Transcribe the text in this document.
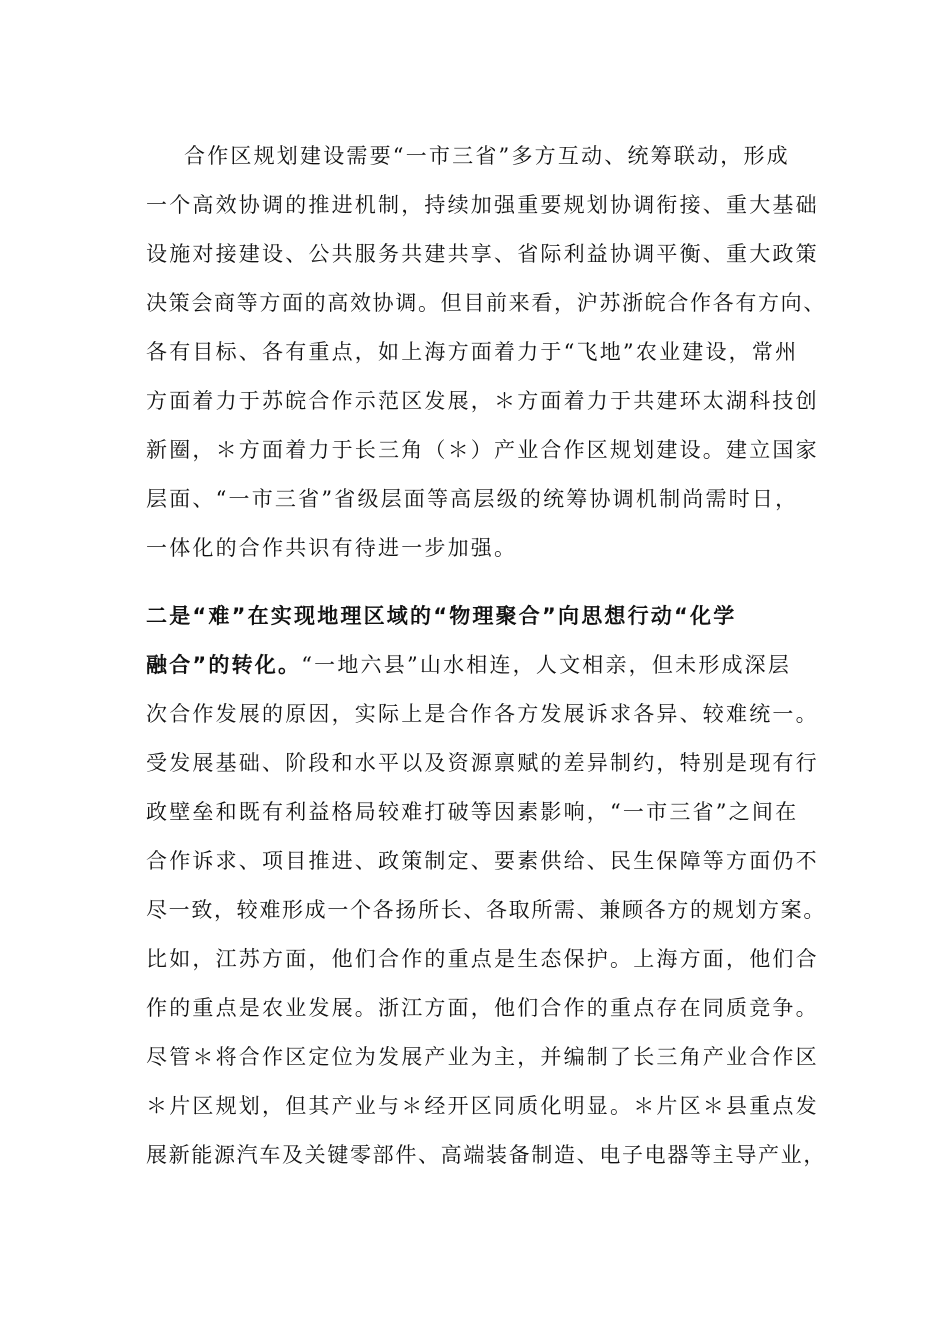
合作区规划建设需要“一市三省”多方互动、统筹联动，形成
一个高效协调的推进机制，持续加强重要规划协调衔接、重大基础
设施对接建设、公共服务共建共享、省际利益协调平衡、重大政策
决策会商等方面的高效协调。但目前来看，沪苏浙皖合作各有方向、
各有目标、各有重点，如上海方面着力于“飞地”农业建设，常州
方面着力于苏皖合作示范区发展，＊方面着力于共建环太湖科技创
新圈，＊方面着力于长三角（＊）产业合作区规划建设。建立国家
层面、“一市三省”省级层面等高层级的统筹协调机制尚需时日，
一体化的合作共识有待进一步加强。
二是“难”在实现地理区域的“物理聚合”向思想行动“化学
融合”的转化。“一地六县”山水相连，人文相亲，但未形成深层
次合作发展的原因，实际上是合作各方发展诉求各异、较难统一。
受发展基础、阶段和水平以及资源禀赋的差异制约，特别是现有行
政壁垒和既有利益格局较难打破等因素影响，“一市三省”之间在
合作诉求、项目推进、政策制定、要素供给、民生保障等方面仍不
尽一致，较难形成一个各扬所长、各取所需、兼顾各方的规划方案。
比如，江苏方面，他们合作的重点是生态保护。上海方面，他们合
作的重点是农业发展。浙江方面，他们合作的重点存在同质竞争。
尽管＊将合作区定位为发展产业为主，并编制了长三角产业合作区
＊片区规划，但其产业与＊经开区同质化明显。＊片区＊县重点发
展新能源汽车及关键零部件、高端装备制造、电子电器等主导产业，
